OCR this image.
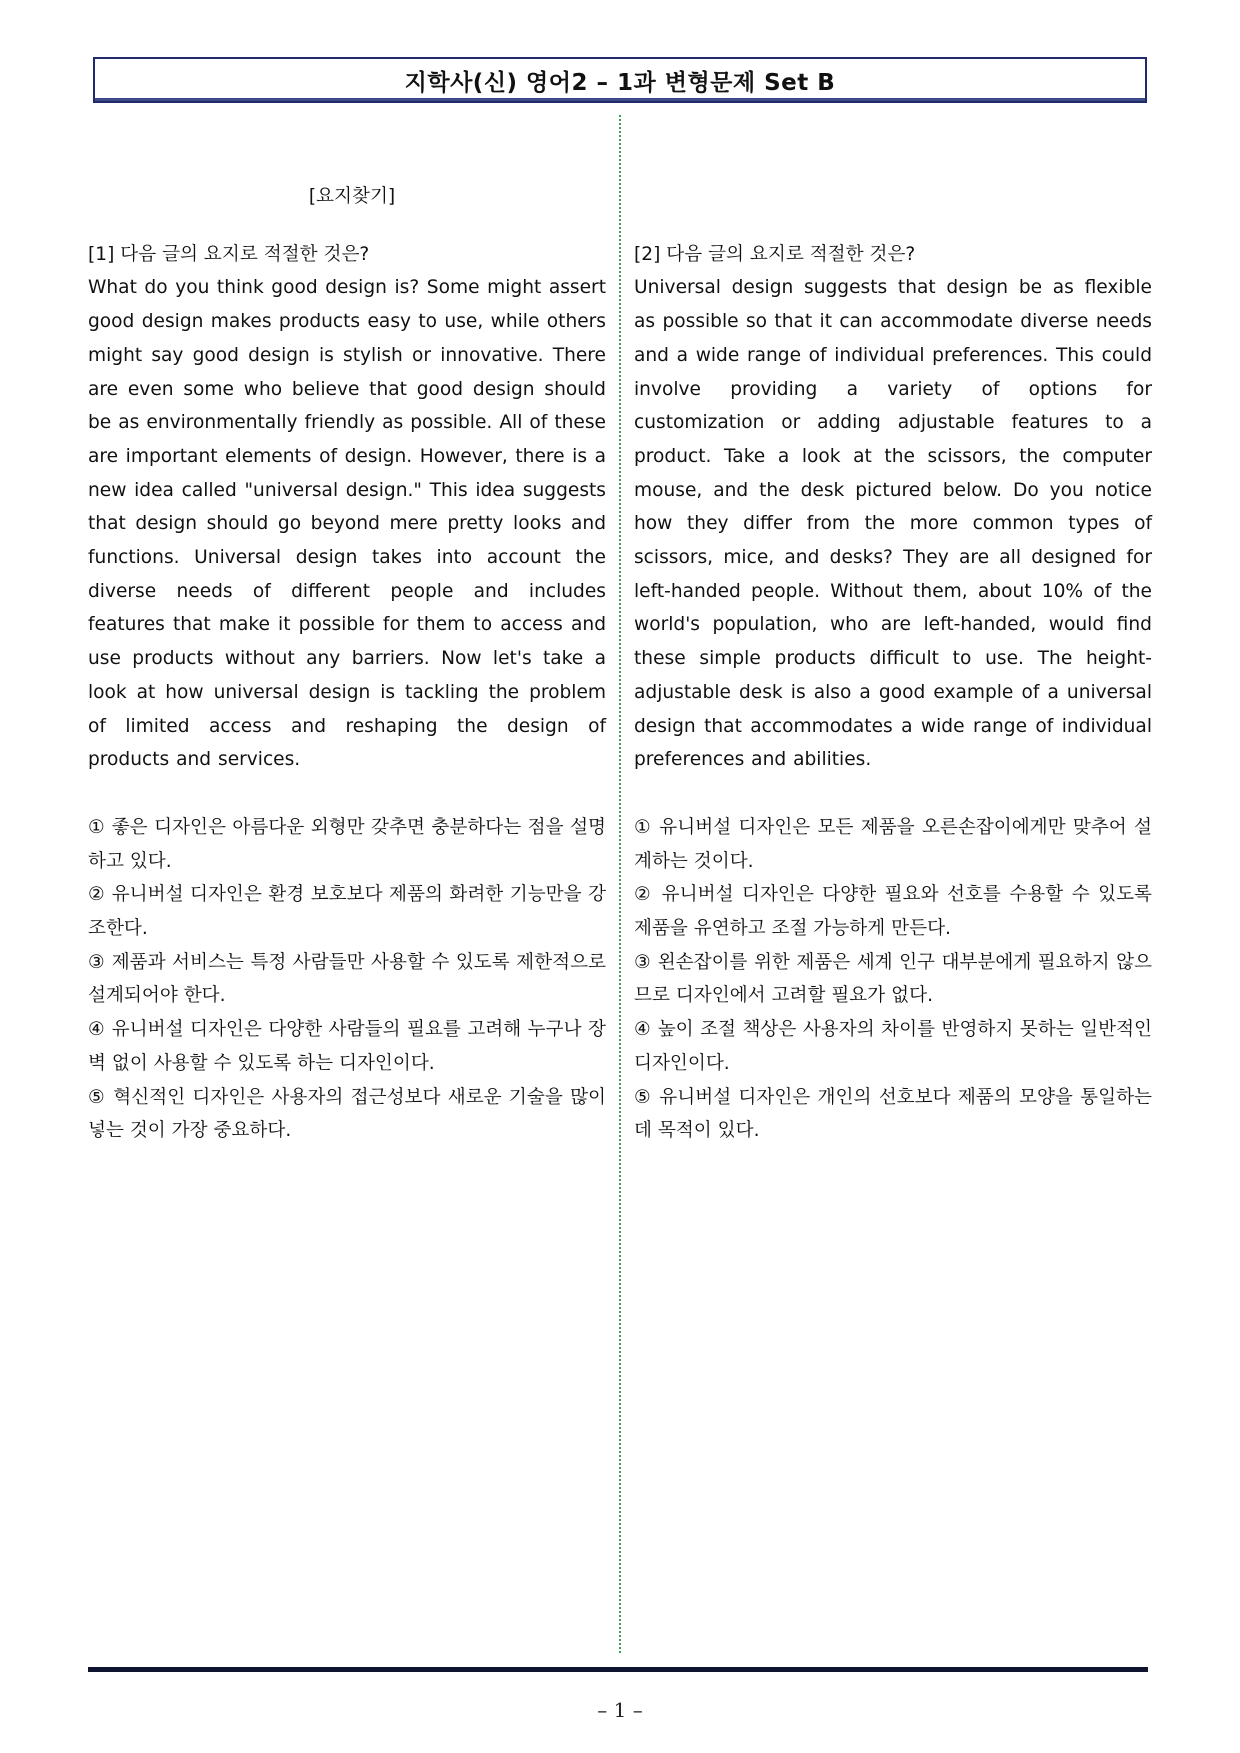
지학사(신) 영어2 – 1과 변형문제 Set B
[요지찾기]

[1] 다음 글의 요지로 적절한 것은?

What do you think good design is? Some might assert good design makes products easy to use, while others might say good design is stylish or innovative. There are even some who believe that good design should be as environmentally friendly as possible. All of these are important elements of design. However, there is a new idea called "universal design." This idea suggests that design should go beyond mere pretty looks and functions. Universal design takes into account the diverse needs of different people and includes features that make it possible for them to access and use products without any barriers. Now let's take a look at how universal design is tackling the problem of limited access and reshaping the design of products and services.

① 좋은 디자인은 아름다운 외형만 갖추면 충분하다는 점을 설명하고 있다.
② 유니버설 디자인은 환경 보호보다 제품의 화려한 기능만을 강조한다.
③ 제품과 서비스는 특정 사람들만 사용할 수 있도록 제한적으로 설계되어야 한다.
④ 유니버설 디자인은 다양한 사람들의 필요를 고려해 누구나 장벽 없이 사용할 수 있도록 하는 디자인이다.
⑤ 혁신적인 디자인은 사용자의 접근성보다 새로운 기술을 많이 넣는 것이 가장 중요하다.

[2] 다음 글의 요지로 적절한 것은?

Universal design suggests that design be as flexible as possible so that it can accommodate diverse needs and a wide range of individual preferences. This could involve providing a variety of options for customization or adding adjustable features to a product. Take a look at the scissors, the computer mouse, and the desk pictured below. Do you notice how they differ from the more common types of scissors, mice, and desks? They are all designed for left-handed people. Without them, about 10% of the world's population, who are left-handed, would find these simple products difficult to use. The height-adjustable desk is also a good example of a universal design that accommodates a wide range of individual preferences and abilities.

① 유니버설 디자인은 모든 제품을 오른손잡이에게만 맞추어 설계하는 것이다.
② 유니버설 디자인은 다양한 필요와 선호를 수용할 수 있도록 제품을 유연하고 조절 가능하게 만든다.
③ 왼손잡이를 위한 제품은 세계 인구 대부분에게 필요하지 않으므로 디자인에서 고려할 필요가 없다.
④ 높이 조절 책상은 사용자의 차이를 반영하지 못하는 일반적인 디자인이다.
⑤ 유니버설 디자인은 개인의 선호보다 제품의 모양을 통일하는 데 목적이 있다.
– 1 –
